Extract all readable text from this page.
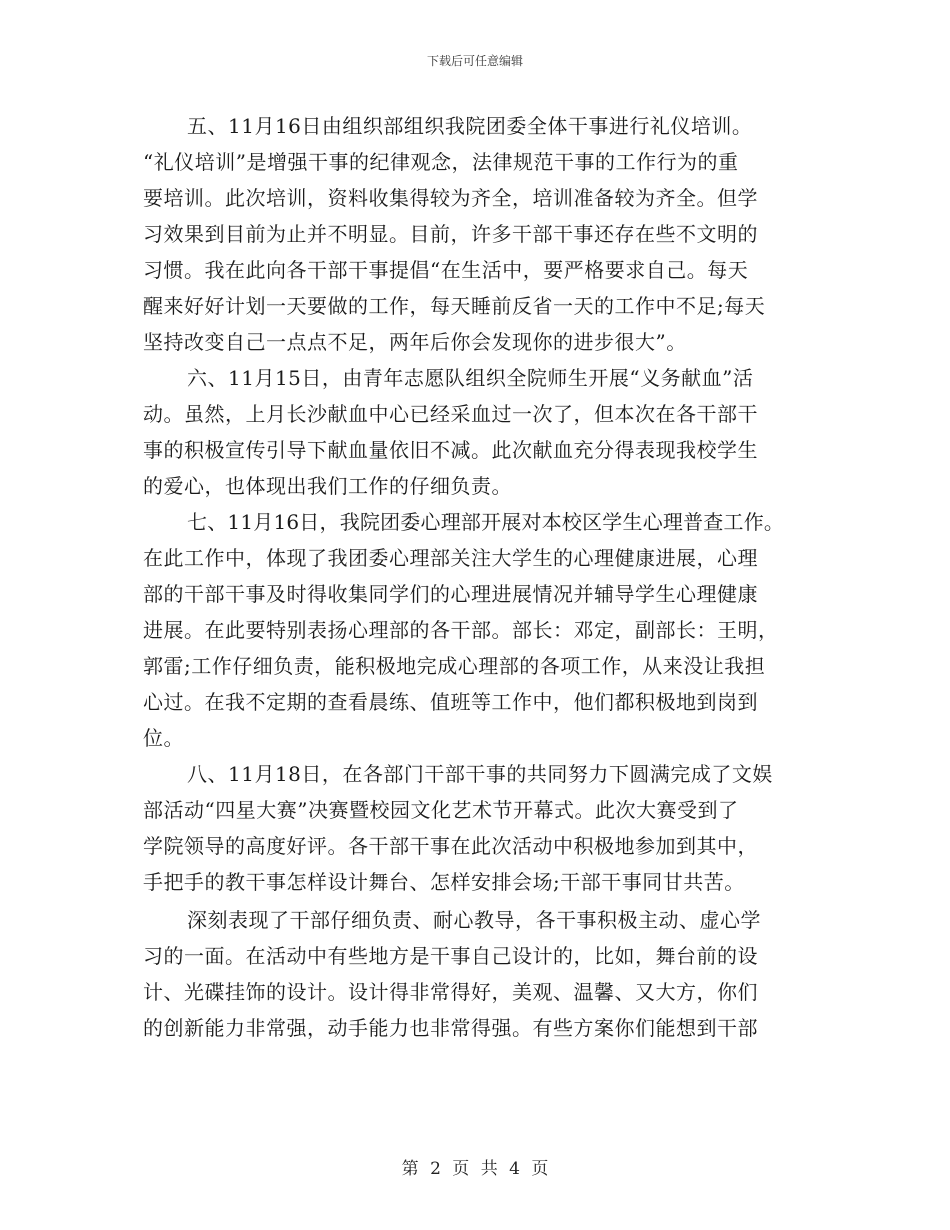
下载后可任意编辑
五、11月16日由组织部组织我院团委全体干事进行礼仪培训。
“礼仪培训”是增强干事的纪律观念，法律规范干事的工作行为的重
要培训。此次培训，资料收集得较为齐全，培训准备较为齐全。但学
习效果到目前为止并不明显。目前，许多干部干事还存在些不文明的
习惯。我在此向各干部干事提倡“在生活中，要严格要求自己。每天
醒来好好计划一天要做的工作，每天睡前反省一天的工作中不足;每天
坚持改变自己一点点不足，两年后你会发现你的进步很大”。
六、11月15日，由青年志愿队组织全院师生开展“义务献血”活
动。虽然，上月长沙献血中心已经采血过一次了，但本次在各干部干
事的积极宣传引导下献血量依旧不减。此次献血充分得表现我校学生
的爱心，也体现出我们工作的仔细负责。
七、11月16日，我院团委心理部开展对本校区学生心理普查工作。
在此工作中，体现了我团委心理部关注大学生的心理健康进展，心理
部的干部干事及时得收集同学们的心理进展情况并辅导学生心理健康
进展。在此要特别表扬心理部的各干部。部长：邓定，副部长：王明，
郭雷;工作仔细负责，能积极地完成心理部的各项工作，从来没让我担
心过。在我不定期的查看晨练、值班等工作中，他们都积极地到岗到
位。
八、11月18日，在各部门干部干事的共同努力下圆满完成了文娱
部活动“四星大赛”决赛暨校园文化艺术节开幕式。此次大赛受到了
学院领导的高度好评。各干部干事在此次活动中积极地参加到其中，
手把手的教干事怎样设计舞台、怎样安排会场;干部干事同甘共苦。
深刻表现了干部仔细负责、耐心教导，各干事积极主动、虚心学
习的一面。在活动中有些地方是干事自己设计的，比如，舞台前的设
计、光碟挂饰的设计。设计得非常得好，美观、温馨、又大方，你们
的创新能力非常强，动手能力也非常得强。有些方案你们能想到干部
第 2 页 共 4 页
